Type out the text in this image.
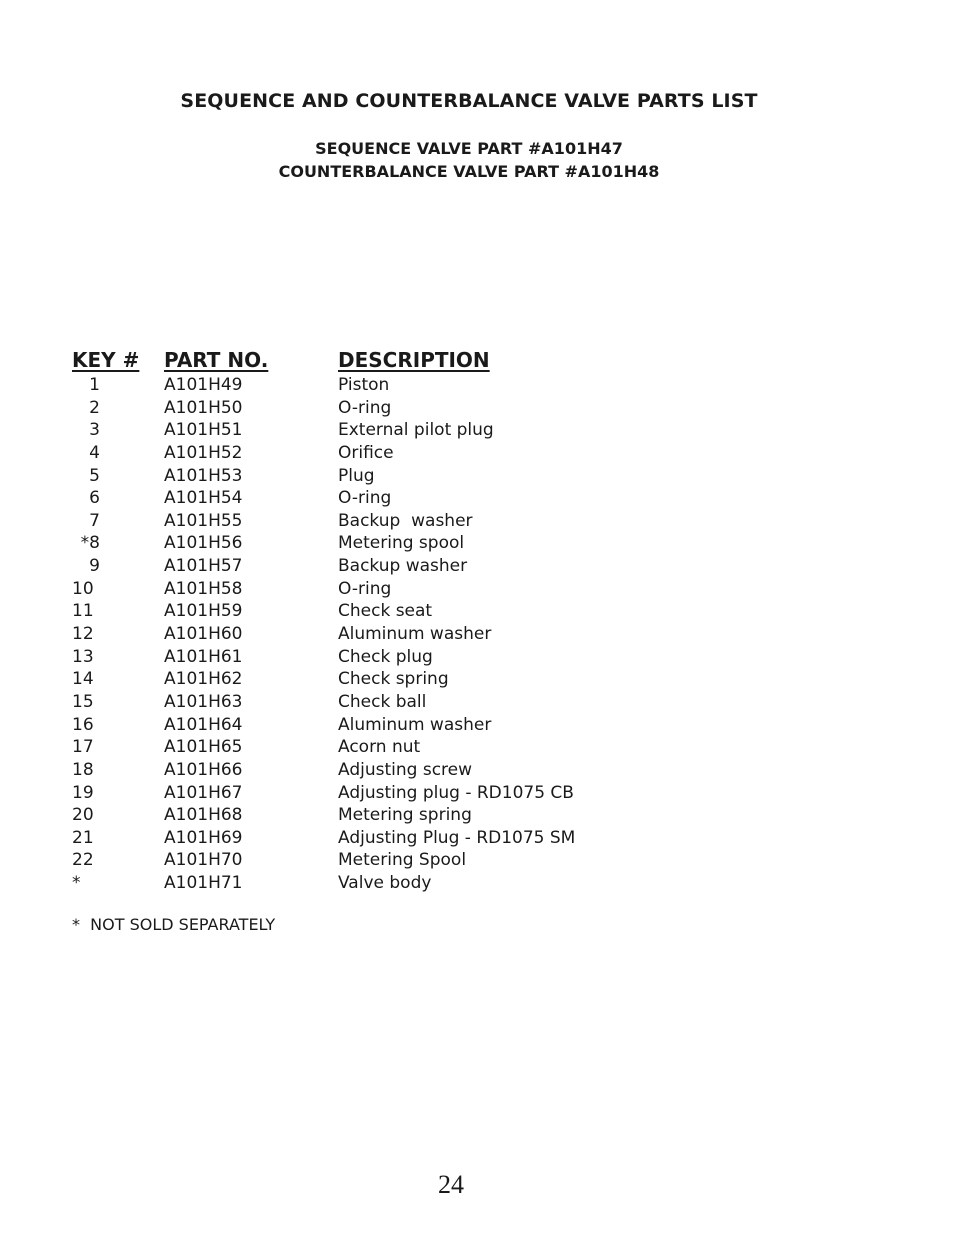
SEQUENCE AND COUNTERBALANCE VALVE PARTS LIST
SEQUENCE VALVE PART #A101H47
COUNTERBALANCE VALVE PART #A101H48
KEY # PART NO.	DESCRIPTION
1	A101H49	Piston
2	A101H50	O-ring
3	A101H51	External pilot plug
4	A101H52	Orifice
5	A101H53	Plug
6	A101H54	O-ring
7	A101H55	Backup  washer
*8	A101H56	Metering spool
9	A101H57	Backup washer
10	A101H58	O-ring
11	A101H59	Check seat
12	A101H60	Aluminum washer
13	A101H61	Check plug
14	A101H62	Check spring
15	A101H63	Check ball
16	A101H64	Aluminum washer
17	A101H65	Acorn nut
18	A101H66	Adjusting screw
19	A101H67	Adjusting plug - RD1075 CB
20	A101H68	Metering spring
21	A101H69	Adjusting Plug - RD1075 SM
22	A101H70	Metering Spool
*	A101H71	Valve body
*  NOT SOLD SEPARATELY
24
